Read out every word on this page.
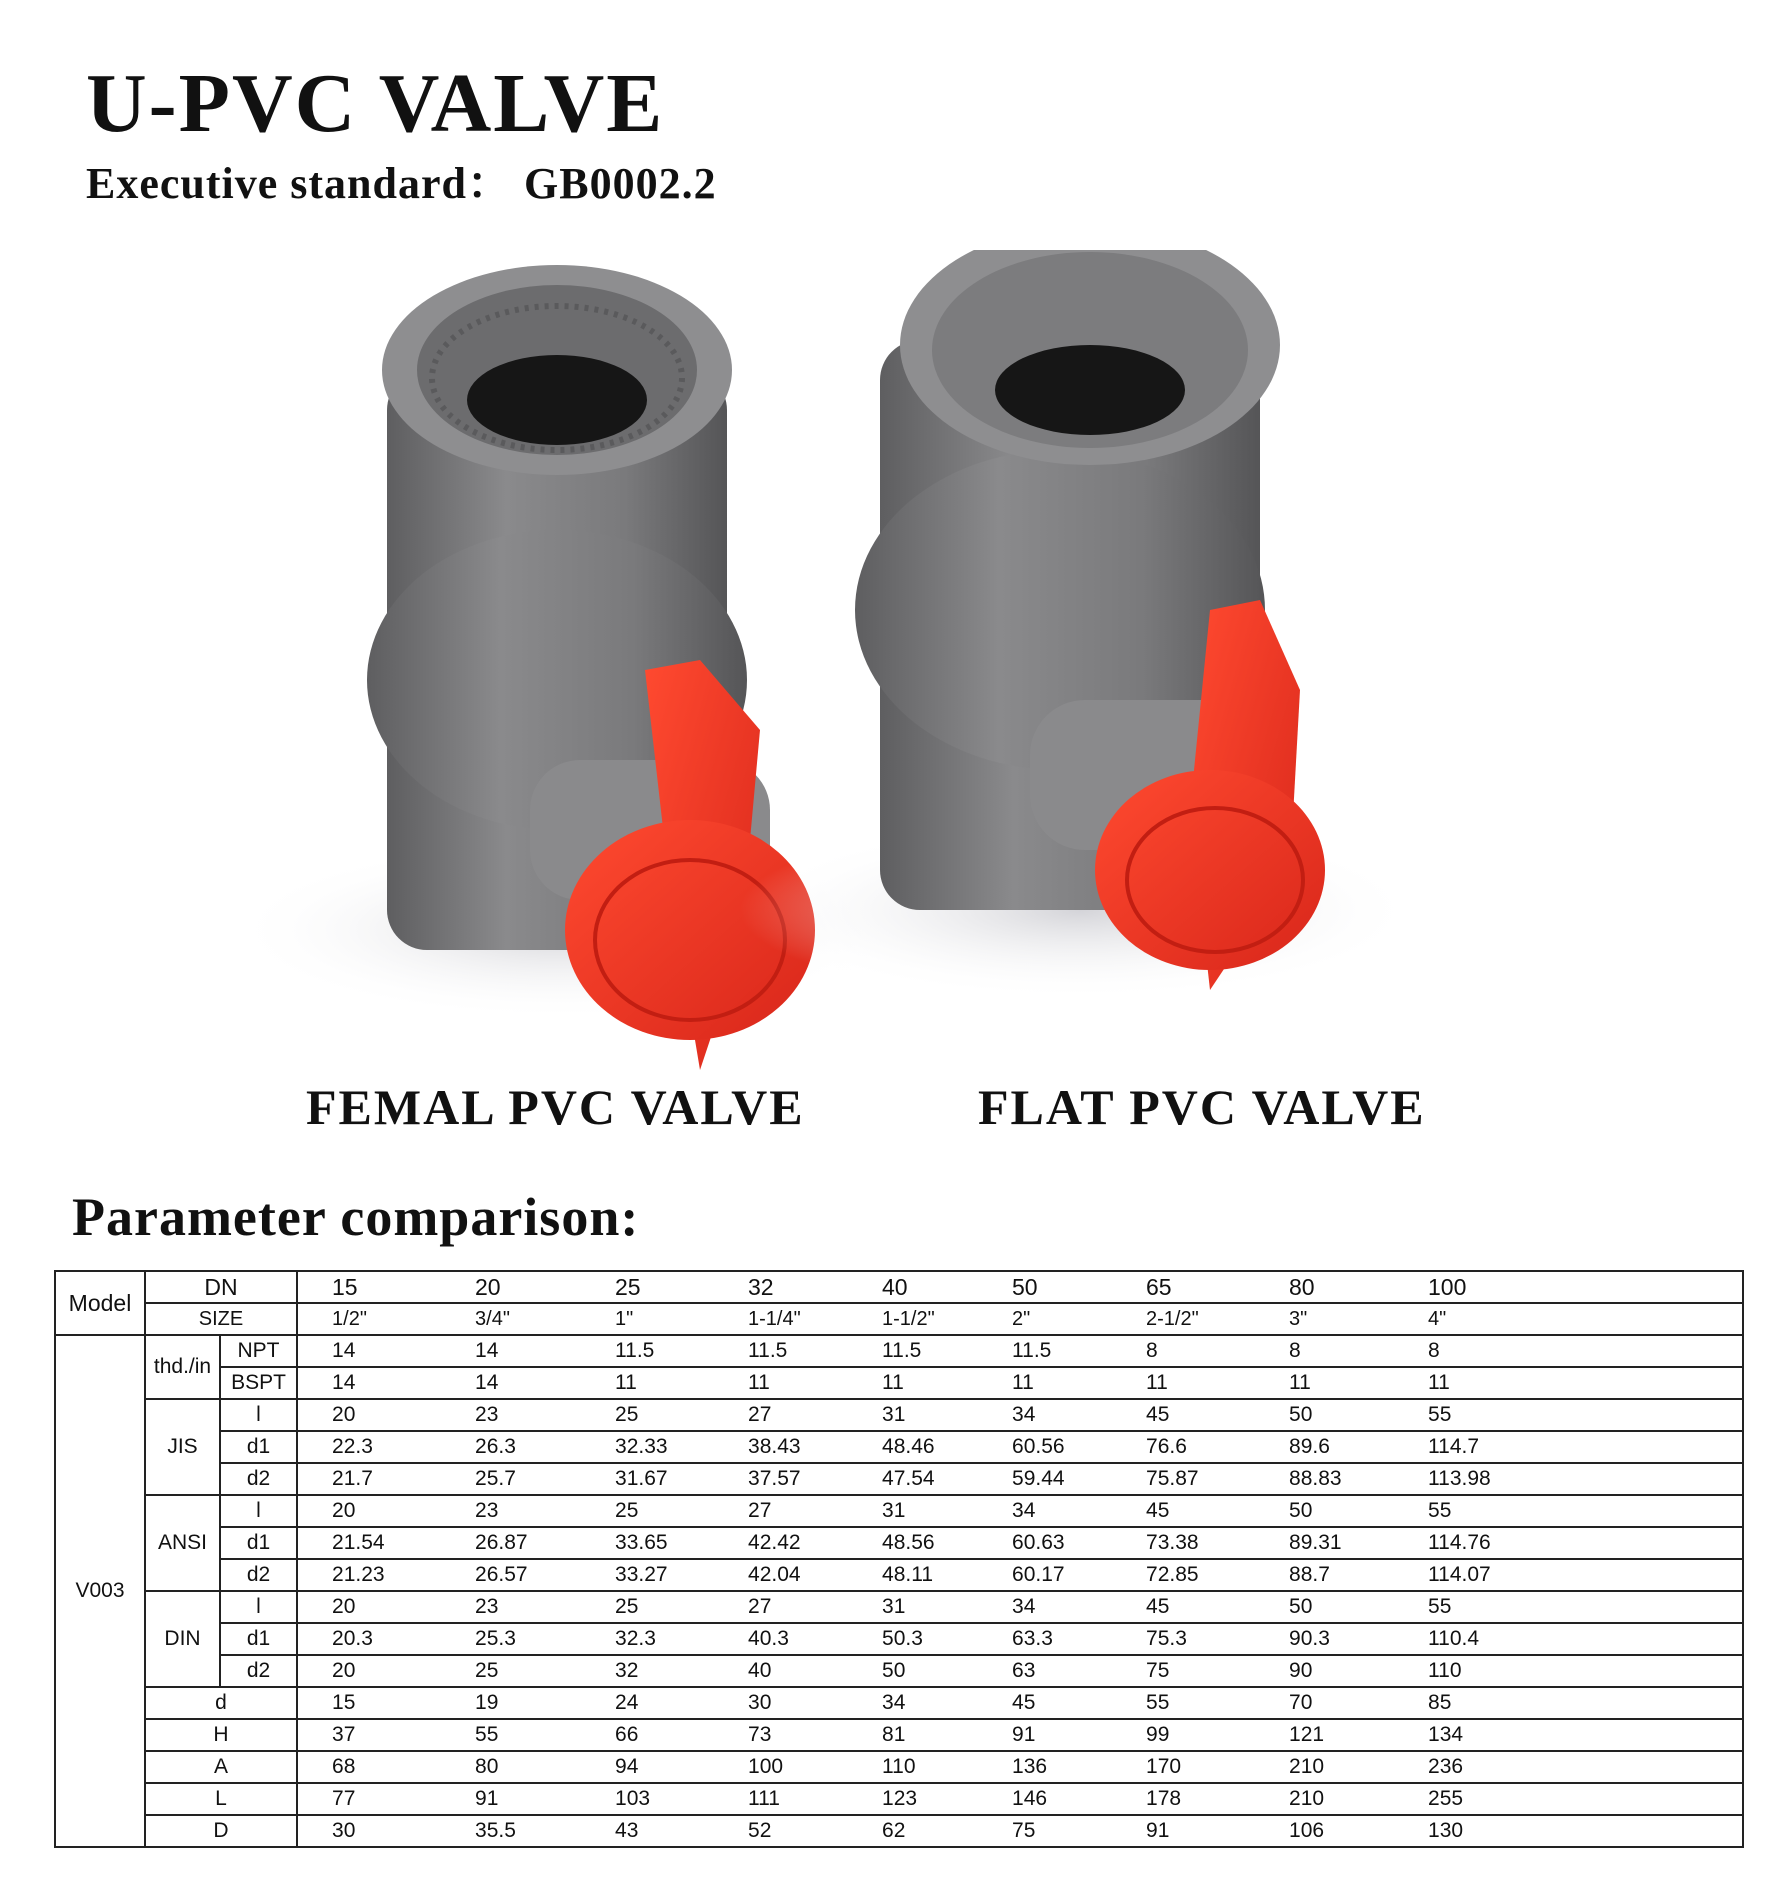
U-PVC VALVE
Executive standard： GB0002.2
FEMAL PVC VALVE	FLAT PVC VALVE
Parameter comparison:
Model	DN		15	20	25	32	40	50	65	80	100	
	SIZE		1/2"	3/4"	1"	1-1/4"	1-1/2"	2"	2-1/2"	3"	4"	
V003	thd./in	NPT	14	14	11.5	11.5	11.5	11.5	8	8	8	
		BSPT	14	14	11	11	11	11	11	11	11	
	JIS	l	20	23	25	27	31	34	45	50	55	
		d1	22.3	26.3	32.33	38.43	48.46	60.56	76.6	89.6	114.7	
		d2	21.7	25.7	31.67	37.57	47.54	59.44	75.87	88.83	113.98	
	ANSI	l	20	23	25	27	31	34	45	50	55	
		d1	21.54	26.87	33.65	42.42	48.56	60.63	73.38	89.31	114.76	
		d2	21.23	26.57	33.27	42.04	48.11	60.17	72.85	88.7	114.07	
	DIN	l	20	23	25	27	31	34	45	50	55	
		d1	20.3	25.3	32.3	40.3	50.3	63.3	75.3	90.3	110.4	
		d2	20	25	32	40	50	63	75	90	110	
	d		15	19	24	30	34	45	55	70	85	
	H		37	55	66	73	81	91	99	121	134	
	A		68	80	94	100	110	136	170	210	236	
	L		77	91	103	111	123	146	178	210	255	
	D		30	35.5	43	52	62	75	91	106	130	
